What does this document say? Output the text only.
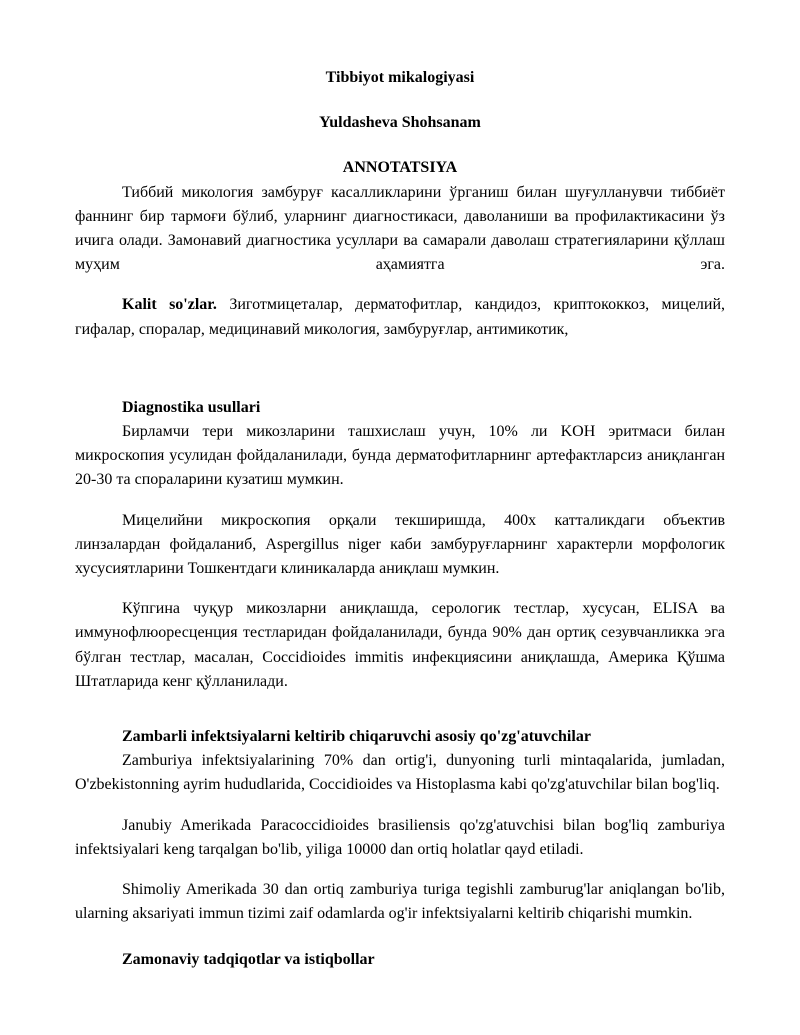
Tibbiyot mikalogiyasi

Yuldasheva Shohsanam

ANNOTATSIYA

Тиббий микология замбуруғ касалликларини ўрганиш билан шуғулланувчи тиббиёт фаннинг бир тармоғи бўлиб, уларнинг диагностикаси, даволаниши ва профилактикасини ўз ичига олади. Замонавий диагностика усуллари ва самарали даволаш стратегияларини қўллаш муҳим аҳамиятга эга.

Kalit so'zlar. Зиготмицеталар, дерматофитлар, кандидоз, криптококкоз, мицелий, гифалар, споралар, медицинавий микология, замбуруғлар, антимикотик,

Diagnostika usullari

Бирламчи тери микозларини ташхислаш учун, 10% ли KOH эритмаси билан микроскопия усулидан фойдаланилади, бунда дерматофитларнинг артефактларсиз аниқланган 20-30 та спораларини кузатиш мумкин.

Мицелийни микроскопия орқали текширишда, 400x катталикдаги объектив линзалардан фойдаланиб, Aspergillus niger каби замбуруғларнинг характерли морфологик хусусиятларини Тошкентдаги клиникаларда аниқлаш мумкин.

Кўпгина чуқур микозларни аниқлашда, серологик тестлар, хусусан, ELISA ва иммунофлюоресценция тестларидан фойдаланилади, бунда 90% дан ортиқ сезувчанликка эга бўлган тестлар, масалан, Coccidioides immitis инфекциясини аниқлашда, Америка Қўшма Штатларида кенг қўлланилади.

Zambarli infektsiyalarni keltirib chiqaruvchi asosiy qo'zg'atuvchilar

Zamburiya infektsiyalarining 70% dan ortig'i, dunyoning turli mintaqalarida, jumladan, O'zbekistonning ayrim hududlarida, Coccidioides va Histoplasma kabi qo'zg'atuvchilar bilan bog'liq.

Janubiy Amerikada Paracoccidioides brasiliensis qo'zg'atuvchisi bilan bog'liq zamburiya infektsiyalari keng tarqalgan bo'lib, yiliga 10000 dan ortiq holatlar qayd etiladi.

Shimoliy Amerikada 30 dan ortiq zamburiya turiga tegishli zamburug'lar aniqlangan bo'lib, ularning aksariyati immun tizimi zaif odamlarda og'ir infektsiyalarni keltirib chiqarishi mumkin.

Zamonaviy tadqiqotlar va istiqbollar
